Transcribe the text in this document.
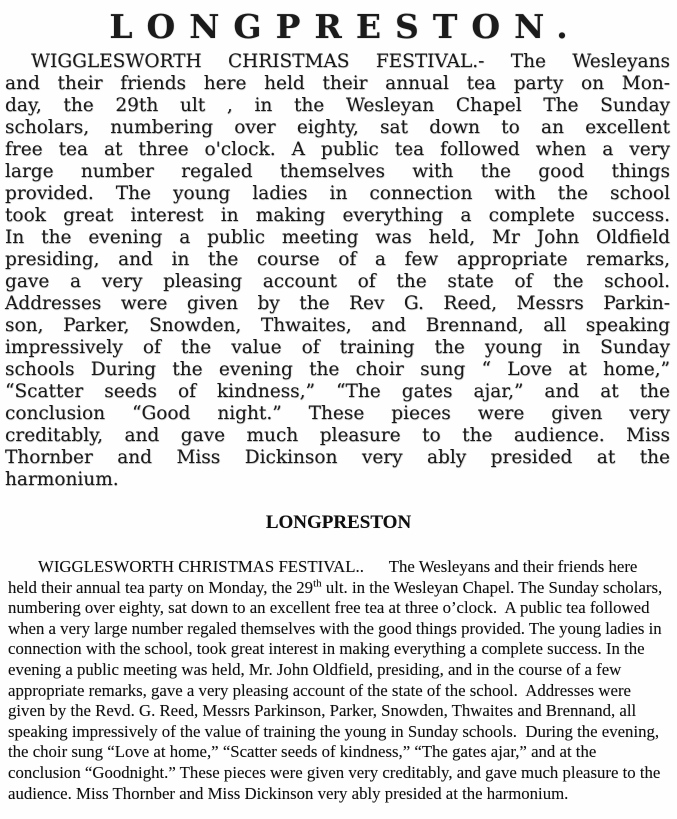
LONGPRESTON.
WIGGLESWORTH CHRISTMAS FESTIVAL.- The Wesleyans
and their friends here held their annual tea party on Mon-
day, the 29th ult , in the Wesleyan Chapel The Sunday
scholars, numbering over eighty, sat down to an excellent
free tea at three o'clock. A public tea followed when a very
large number regaled themselves with the good things
provided. The young ladies in connection with the school
took great interest in making everything a complete success.
In the evening a public meeting was held, Mr John Oldfield
presiding, and in the course of a few appropriate remarks,
gave a very pleasing account of the state of the school.
Addresses were given by the Rev G. Reed, Messrs Parkin-
son, Parker, Snowden, Thwaites, and Brennand, all speaking
impressively of the value of training the young in Sunday
schools During the evening the choir sung “ Love at home,”
“Scatter seeds of kindness,” “The gates ajar,” and at the
conclusion “Good night.” These pieces were given very
creditably, and gave much pleasure to the audience. Miss
Thornber and Miss Dickinson very ably presided at the
harmonium.
LONGPRESTON

WIGGLESWORTH CHRISTMAS FESTIVAL..      The Wesleyans and their friends here held their annual tea party on Monday, the 29th ult. in the Wesleyan Chapel. The Sunday scholars, numbering over eighty, sat down to an excellent free tea at three o’clock.  A public tea followed when a very large number regaled themselves with the good things provided. The young ladies in connection with the school, took great interest in making everything a complete success. In the evening a public meeting was held, Mr. John Oldfield, presiding, and in the course of a few appropriate remarks, gave a very pleasing account of the state of the school.  Addresses were given by the Revd. G. Reed, Messrs Parkinson, Parker, Snowden, Thwaites and Brennand, all speaking impressively of the value of training the young in Sunday schools.  During the evening, the choir sung “Love at home,” “Scatter seeds of kindness,” “The gates ajar,” and at the conclusion “Goodnight.” These pieces were given very creditably, and gave much pleasure to the audience. Miss Thornber and Miss Dickinson very ably presided at the harmonium.
